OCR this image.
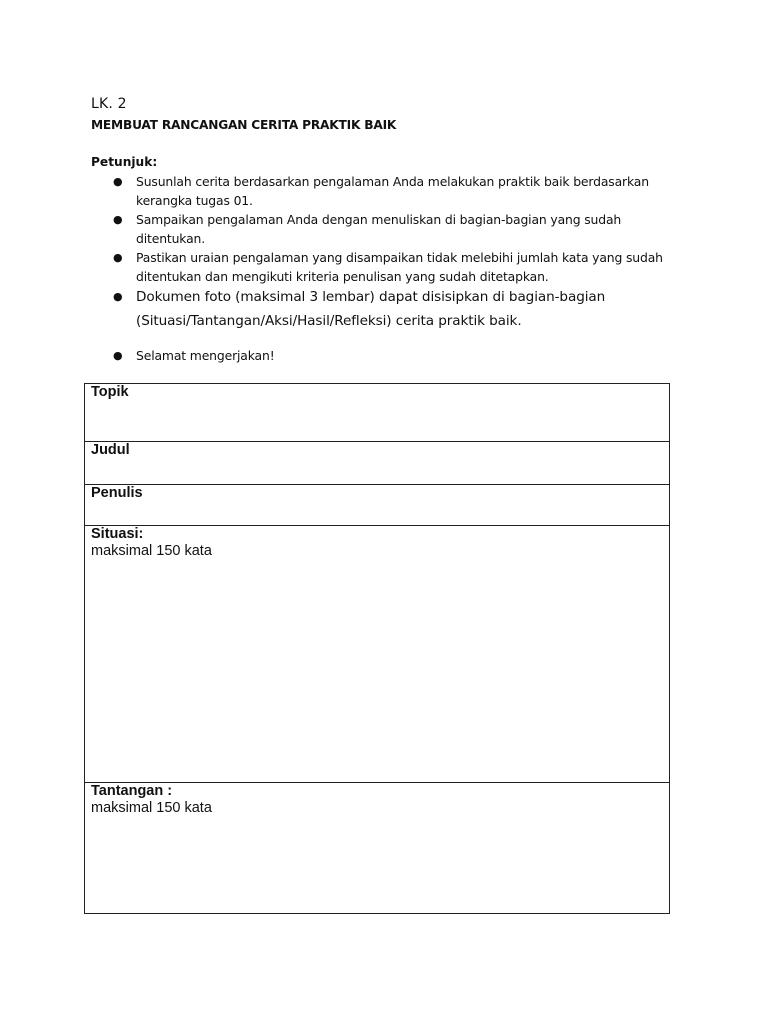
LK. 2
MEMBUAT RANCANGAN CERITA PRAKTIK BAIK
Petunjuk:
● Susunlah cerita berdasarkan pengalaman Anda melakukan praktik baik berdasarkan
kerangka tugas 01.
● Sampaikan pengalaman Anda dengan menuliskan di bagian-bagian yang sudah
ditentukan.
● Pastikan uraian pengalaman yang disampaikan tidak melebihi jumlah kata yang sudah
ditentukan dan mengikuti kriteria penulisan yang sudah ditetapkan.
● Dokumen foto (maksimal 3 lembar) dapat disisipkan di bagian-bagian
(Situasi/Tantangan/Aksi/Hasil/Refleksi) cerita praktik baik.
● Selamat mengerjakan!
Topik
Judul
Penulis
Situasi:
maksimal 150 kata
Tantangan :
maksimal 150 kata
